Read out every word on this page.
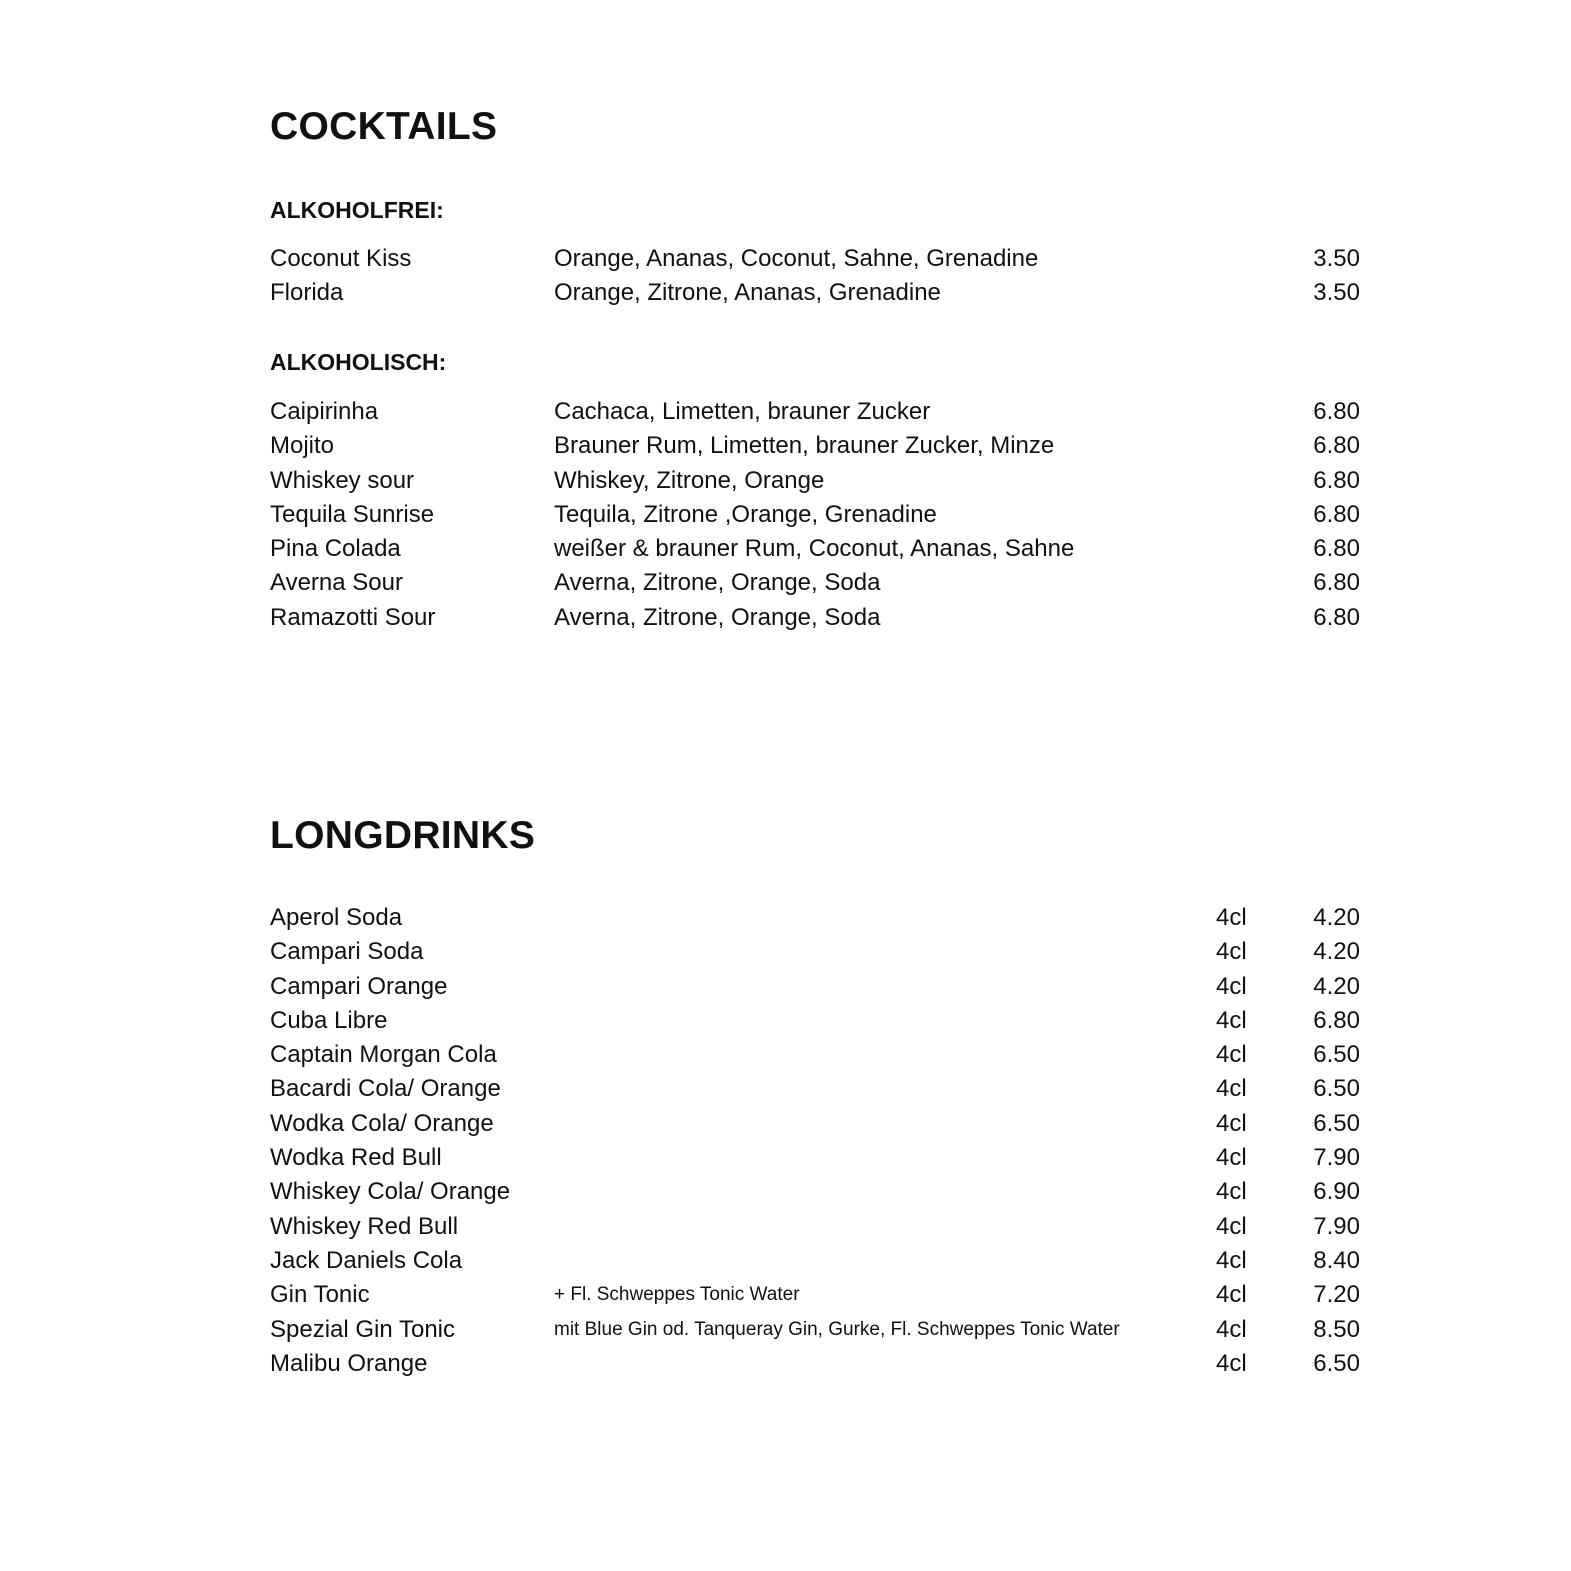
COCKTAILS
ALKOHOLFREI:
Coconut Kiss	Orange, Ananas, Coconut, Sahne, Grenadine	3.50
Florida	Orange, Zitrone, Ananas, Grenadine	3.50
ALKOHOLISCH:
Caipirinha	Cachaca, Limetten, brauner Zucker	6.80
Mojito	Brauner Rum, Limetten, brauner Zucker, Minze	6.80
Whiskey sour	Whiskey, Zitrone, Orange	6.80
Tequila Sunrise	Tequila, Zitrone ,Orange, Grenadine	6.80
Pina Colada	weißer & brauner Rum, Coconut, Ananas, Sahne	6.80
Averna Sour	Averna, Zitrone, Orange, Soda	6.80
Ramazotti Sour	Averna, Zitrone, Orange, Soda	6.80
LONGDRINKS
Aperol Soda	4cl	4.20
Campari Soda	4cl	4.20
Campari Orange	4cl	4.20
Cuba Libre	4cl	6.80
Captain Morgan Cola	4cl	6.50
Bacardi Cola/ Orange	4cl	6.50
Wodka Cola/ Orange	4cl	6.50
Wodka Red Bull	4cl	7.90
Whiskey Cola/ Orange	4cl	6.90
Whiskey Red Bull	4cl	7.90
Jack Daniels Cola	4cl	8.40
Gin Tonic	+ Fl. Schweppes Tonic Water	4cl	7.20
Spezial Gin Tonic	mit Blue Gin od. Tanqueray Gin, Gurke, Fl. Schweppes Tonic Water	4cl	8.50
Malibu Orange	4cl	6.50
